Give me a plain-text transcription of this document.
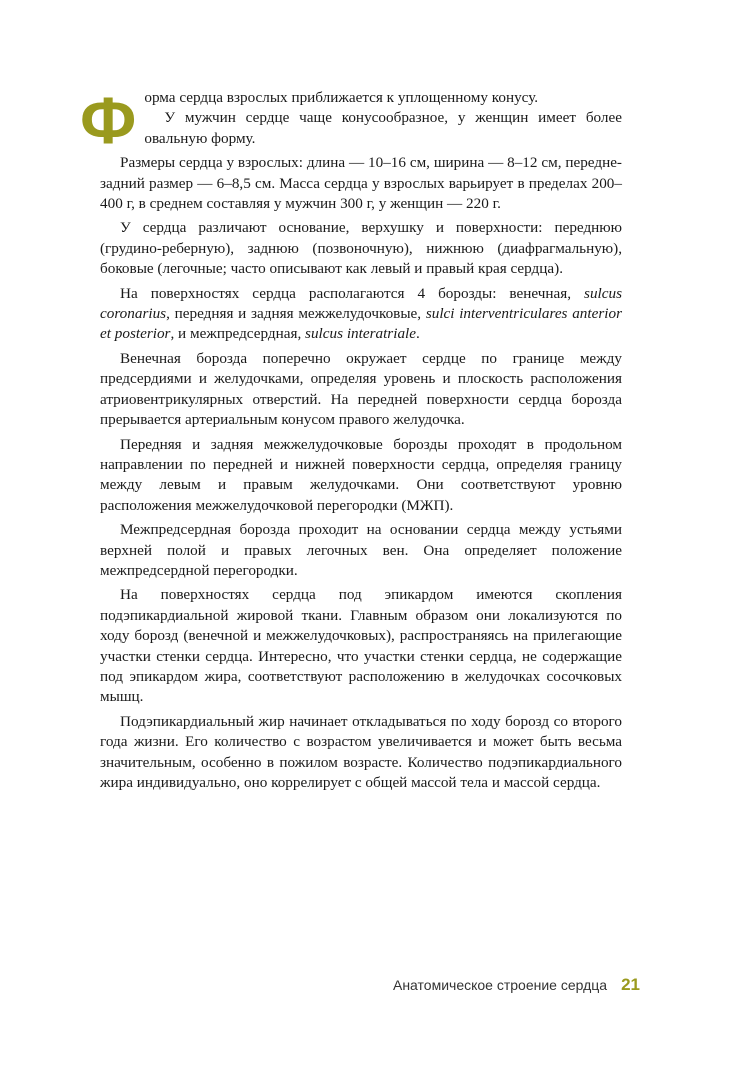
Ф орма сердца взрослых приближается к уплощенному конусу.

У мужчин сердце чаще конусообразное, у женщин имеет более овальную форму.

Размеры сердца у взрослых: длина — 10–16 см, ширина — 8–12 см, передне-задний размер — 6–8,5 см. Масса сердца у взрослых варьирует в пределах 200–400 г, в среднем составляя у мужчин 300 г, у женщин — 220 г.

У сердца различают основание, верхушку и поверхности: переднюю (грудино-реберную), заднюю (позвоночную), нижнюю (диафрагмальную), боковые (легочные; часто описывают как левый и правый края сердца).

На поверхностях сердца располагаются 4 борозды: венечная, sulcus coronarius, передняя и задняя межжелудочковые, sulci interventriculares anterior et posterior, и межпредсердная, sulcus interatriale.

Венечная борозда поперечно окружает сердце по границе между предсердиями и желудочками, определяя уровень и плоскость расположения атриовентрикулярных отверстий. На передней поверхности сердца борозда прерывается артериальным конусом правого желудочка.

Передняя и задняя межжелудочковые борозды проходят в продольном направлении по передней и нижней поверхности сердца, определяя границу между левым и правым желудочками. Они соответствуют уровню расположения межжелудочковой перегородки (МЖП).

Межпредсердная борозда проходит на основании сердца между устьями верхней полой и правых легочных вен. Она определяет положение межпредсердной перегородки.

На поверхностях сердца под эпикардом имеются скопления подэпикардиальной жировой ткани. Главным образом они локализуются по ходу борозд (венечной и межжелудочковых), распространяясь на прилегающие участки стенки сердца. Интересно, что участки стенки сердца, не содержащие под эпикардом жира, соответствуют расположению в желудочках сосочковых мышц.

Подэпикардиальный жир начинает откладываться по ходу борозд со второго года жизни. Его количество с возрастом увеличивается и может быть весьма значительным, особенно в пожилом возрасте. Количество подэпикардиального жира индивидуально, оно коррелирует с общей массой тела и массой сердца.

Анатомическое строение сердца 21
